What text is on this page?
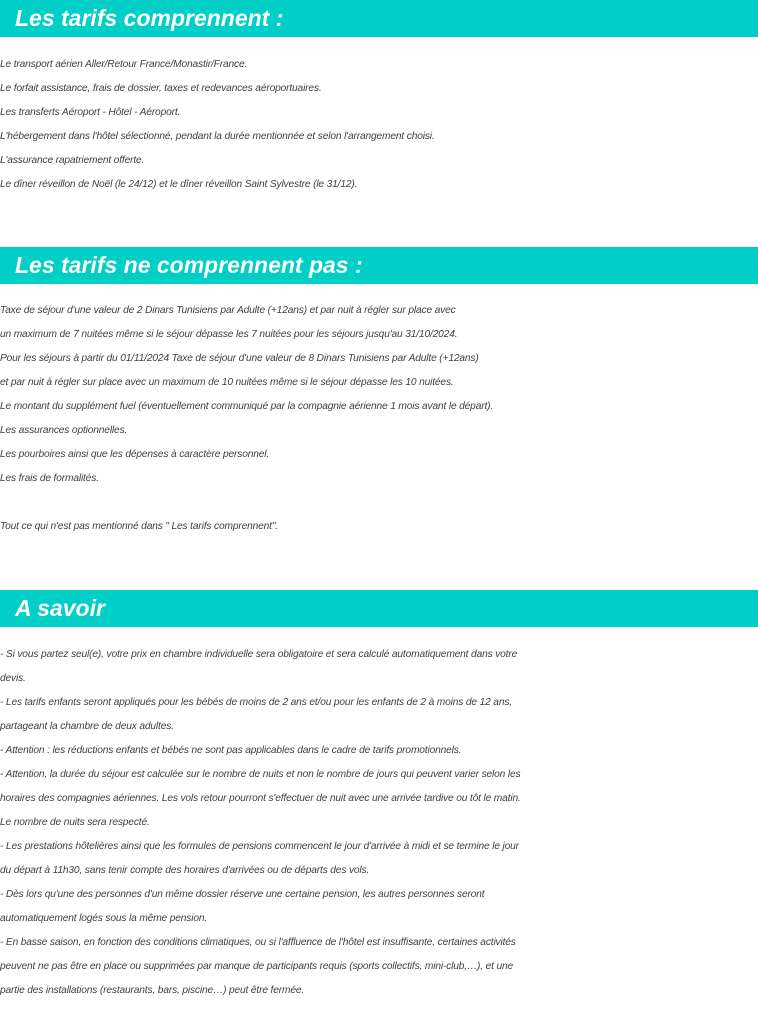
Les tarifs comprennent :
Le transport aérien Aller/Retour France/Monastir/France.
Le forfait assistance, frais de dossier, taxes et redevances aéroportuaires.
Les transferts Aéroport - Hôtel - Aéroport.
L'hébergement dans l'hôtel sélectionné, pendant la durée mentionnée et selon l'arrangement choisi.
L'assurance rapatriement offerte.
Le dîner réveillon de Noël (le 24/12) et le dîner réveillon Saint Sylvestre (le 31/12).
Les tarifs ne comprennent pas :
Taxe de séjour d'une valeur de 2 Dinars Tunisiens par Adulte (+12ans) et par nuit à régler sur place avec
un maximum de 7 nuitées même si le séjour dépasse les 7 nuitées pour les séjours jusqu'au 31/10/2024.
Pour les séjours à partir du 01/11/2024 Taxe de séjour d'une valeur de 8 Dinars Tunisiens par Adulte (+12ans)
et par nuit à régler sur place avec un maximum de 10 nuitées même si le séjour dépasse les 10 nuitées.
Le montant du supplément fuel (éventuellement communiqué par la compagnie aérienne 1 mois avant le départ).
Les assurances optionnelles.
Les pourboires ainsi que les dépenses à caractère personnel.
Les frais de formalités.
Tout ce qui n'est pas mentionné dans " Les tarifs comprennent".
A savoir
- Si vous partez seul(e), votre prix en chambre individuelle sera obligatoire et sera calculé automatiquement dans votre
devis.
- Les tarifs enfants seront appliqués pour les bébés de moins de 2 ans et/ou pour les enfants de 2 à moins de 12 ans,
partageant la chambre de deux adultes.
- Attention : les réductions enfants et bébés ne sont pas applicables dans le cadre de tarifs promotionnels.
- Attention, la durée du séjour est calculée sur le nombre de nuits et non le nombre de jours qui peuvent varier selon les
horaires des compagnies aériennes. Les vols retour pourront s'effectuer de nuit avec une arrivée tardive ou tôt le matin.
Le nombre de nuits sera respecté.
- Les prestations hôtelières ainsi que les formules de pensions commencent le jour d'arrivée à midi et se termine le jour
du départ à 11h30, sans tenir compte des horaires d'arrivées ou de départs des vols.
- Dès lors qu'une des personnes d'un même dossier réserve une certaine pension, les autres personnes seront
automatiquement logés sous la même pension.
- En basse saison, en fonction des conditions climatiques, ou si l'affluence de l'hôtel est insuffisante, certaines activités
peuvent ne pas être en place ou supprimées par manque de participants requis (sports collectifs, mini-club,…), et une
partie des installations (restaurants, bars, piscine…) peut être fermée.
